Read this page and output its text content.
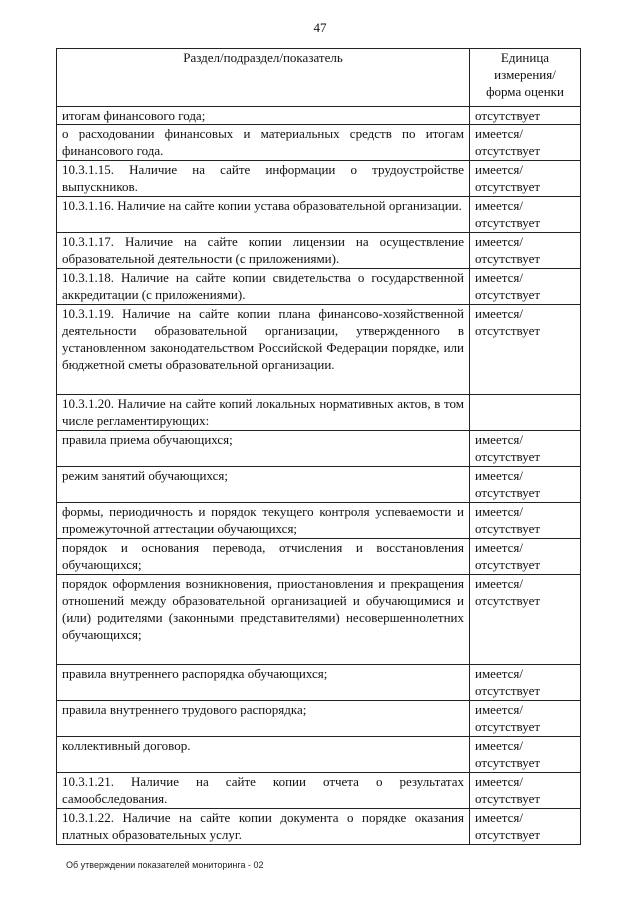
47
Раздел/подраздел/показатель	Единица измерения/ форма оценки
итогам финансового года;	отсутствует
о расходовании финансовых и материальных средств по итогам финансового года.	имеется/ отсутствует
10.3.1.15. Наличие на сайте информации о трудоустройстве выпускников.	имеется/ отсутствует
10.3.1.16. Наличие на сайте копии устава образовательной организации.	имеется/ отсутствует
10.3.1.17. Наличие на сайте копии лицензии на осуществление образовательной деятельности (с приложениями).	имеется/ отсутствует
10.3.1.18. Наличие на сайте копии свидетельства о государственной аккредитации (с приложениями).	имеется/ отсутствует
10.3.1.19. Наличие на сайте копии плана финансово-хозяйственной деятельности образовательной организации, утвержденного в установленном законодательством Российской Федерации порядке, или бюджетной сметы образовательной организации.	имеется/ отсутствует
10.3.1.20. Наличие на сайте копий локальных нормативных актов, в том числе регламентирующих:	
правила приема обучающихся;	имеется/ отсутствует
режим занятий обучающихся;	имеется/ отсутствует
формы, периодичность и порядок текущего контроля успеваемости и промежуточной аттестации обучающихся;	имеется/ отсутствует
порядок и основания перевода, отчисления и восстановления обучающихся;	имеется/ отсутствует
порядок оформления возникновения, приостановления и прекращения отношений между образовательной организацией и обучающимися и (или) родителями (законными представителями) несовершеннолетних обучающихся;	имеется/ отсутствует
правила внутреннего распорядка обучающихся;	имеется/ отсутствует
правила внутреннего трудового распорядка;	имеется/ отсутствует
коллективный договор.	имеется/ отсутствует
10.3.1.21. Наличие на сайте копии отчета о результатах самообследования.	имеется/ отсутствует
10.3.1.22. Наличие на сайте копии документа о порядке оказания платных образовательных услуг.	имеется/ отсутствует
Об утверждении показателей мониторинга - 02
